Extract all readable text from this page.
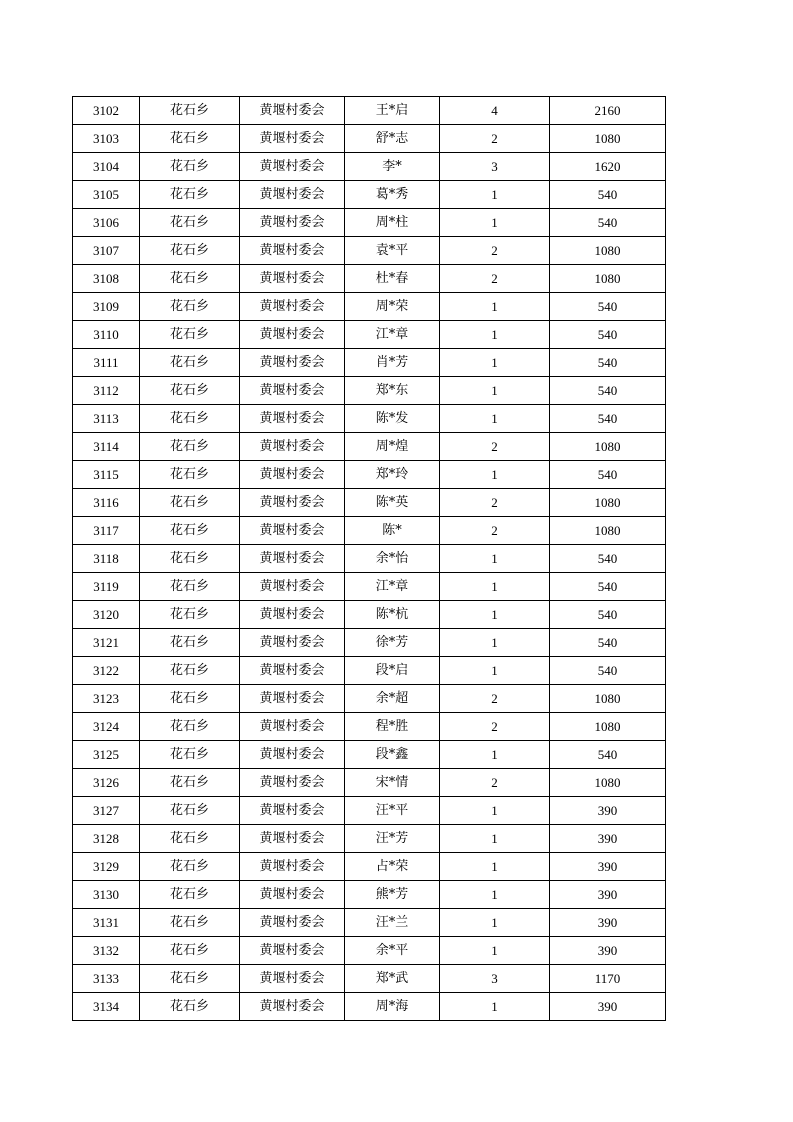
3102	花石乡	黄堰村委会	王*启	4	2160
3103	花石乡	黄堰村委会	舒*志	2	1080
3104	花石乡	黄堰村委会	李*	3	1620
3105	花石乡	黄堰村委会	葛*秀	1	540
3106	花石乡	黄堰村委会	周*柱	1	540
3107	花石乡	黄堰村委会	袁*平	2	1080
3108	花石乡	黄堰村委会	杜*春	2	1080
3109	花石乡	黄堰村委会	周*荣	1	540
3110	花石乡	黄堰村委会	江*章	1	540
3111	花石乡	黄堰村委会	肖*芳	1	540
3112	花石乡	黄堰村委会	郑*东	1	540
3113	花石乡	黄堰村委会	陈*发	1	540
3114	花石乡	黄堰村委会	周*煌	2	1080
3115	花石乡	黄堰村委会	郑*玲	1	540
3116	花石乡	黄堰村委会	陈*英	2	1080
3117	花石乡	黄堰村委会	陈*	2	1080
3118	花石乡	黄堰村委会	余*怡	1	540
3119	花石乡	黄堰村委会	江*章	1	540
3120	花石乡	黄堰村委会	陈*杭	1	540
3121	花石乡	黄堰村委会	徐*芳	1	540
3122	花石乡	黄堰村委会	段*启	1	540
3123	花石乡	黄堰村委会	余*超	2	1080
3124	花石乡	黄堰村委会	程*胜	2	1080
3125	花石乡	黄堰村委会	段*鑫	1	540
3126	花石乡	黄堰村委会	宋*情	2	1080
3127	花石乡	黄堰村委会	汪*平	1	390
3128	花石乡	黄堰村委会	汪*芳	1	390
3129	花石乡	黄堰村委会	占*荣	1	390
3130	花石乡	黄堰村委会	熊*芳	1	390
3131	花石乡	黄堰村委会	汪*兰	1	390
3132	花石乡	黄堰村委会	余*平	1	390
3133	花石乡	黄堰村委会	郑*武	3	1170
3134	花石乡	黄堰村委会	周*海	1	390
